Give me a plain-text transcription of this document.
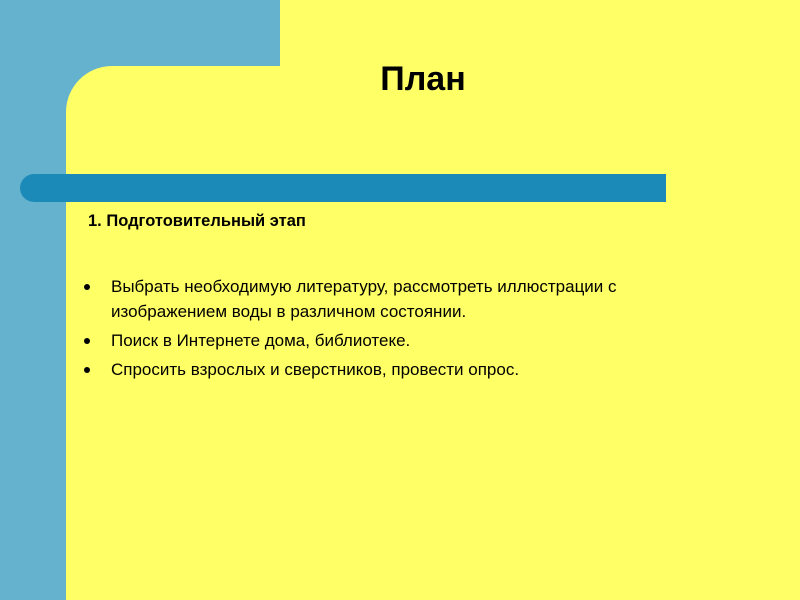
План

1. Подготовительный этап

Выбрать необходимую литературу, рассмотреть иллюстрации с изображением воды в различном состоянии.
Поиск в Интернете дома, библиотеке.
Спросить взрослых и сверстников, провести опрос.
